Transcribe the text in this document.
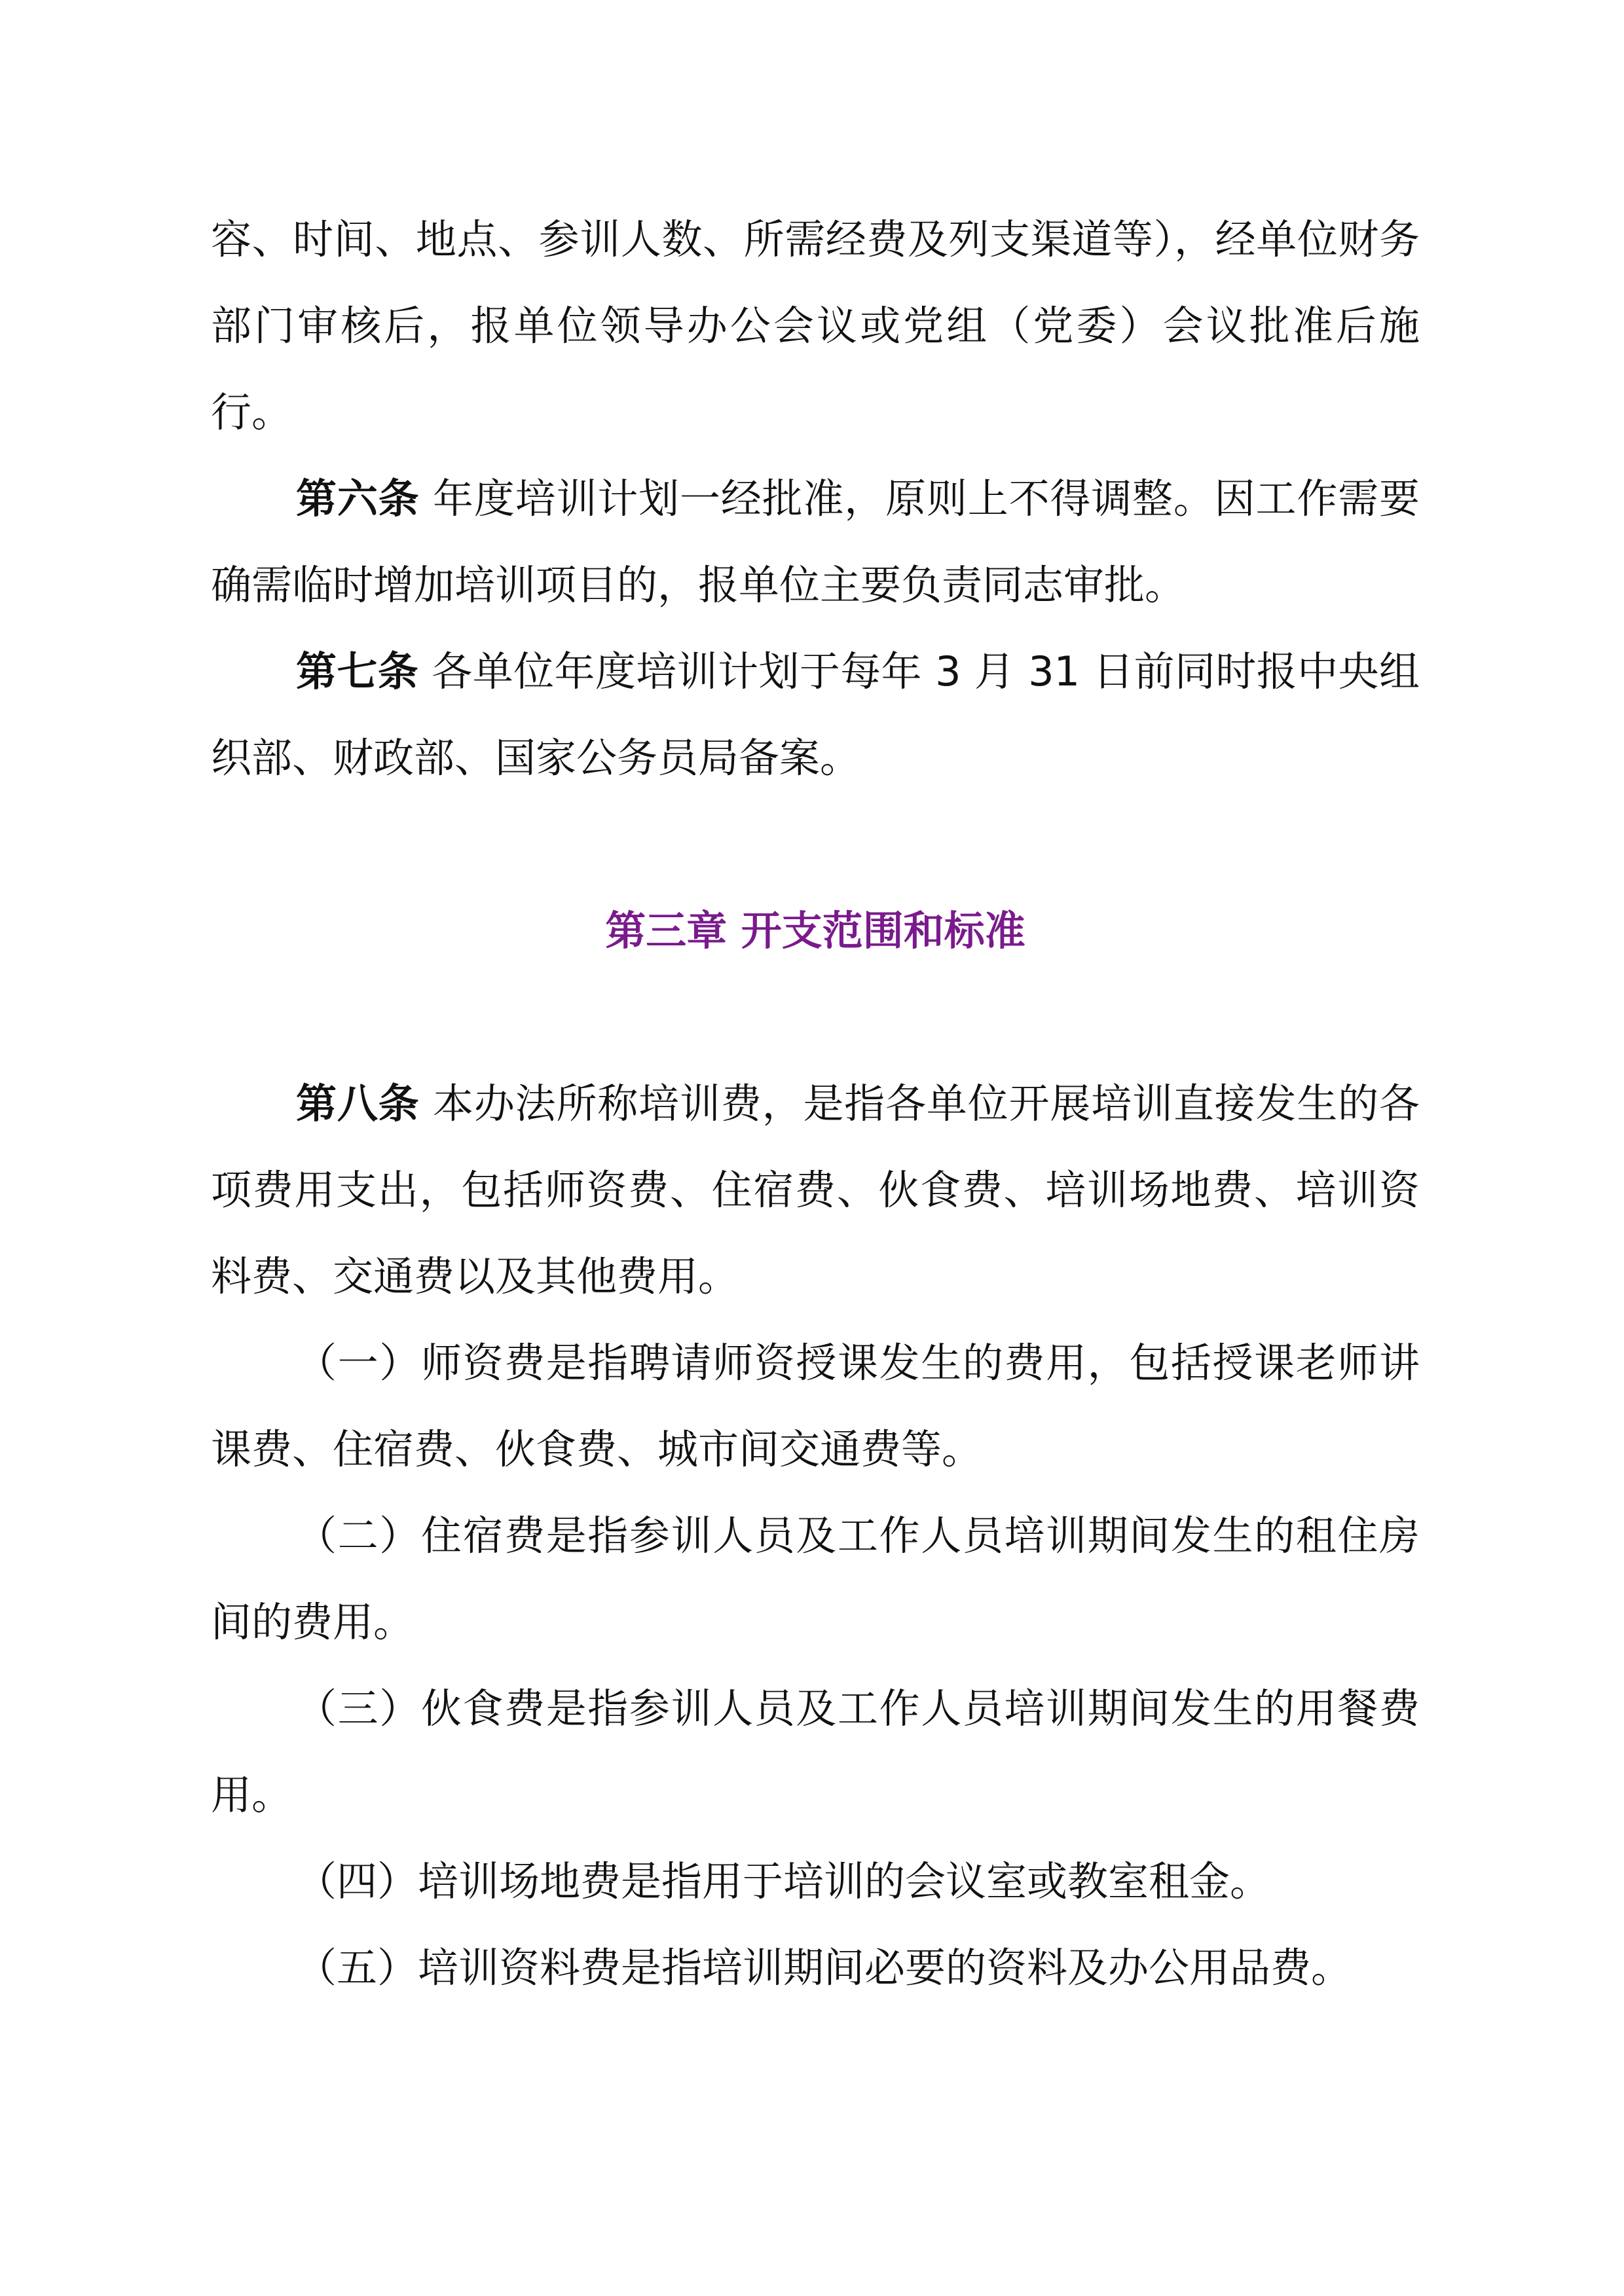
容、时间、地点、参训人数、所需经费及列支渠道等），经单位财务部门审核后，报单位领导办公会议或党组（党委）会议批准后施行。

第六条 年度培训计划一经批准，原则上不得调整。因工作需要确需临时增加培训项目的，报单位主要负责同志审批。

第七条 各单位年度培训计划于每年 3 月 31 日前同时报中央组织部、财政部、国家公务员局备案。

第三章 开支范围和标准

第八条 本办法所称培训费，是指各单位开展培训直接发生的各项费用支出，包括师资费、住宿费、伙食费、培训场地费、培训资料费、交通费以及其他费用。

（一）师资费是指聘请师资授课发生的费用，包括授课老师讲课费、住宿费、伙食费、城市间交通费等。

（二）住宿费是指参训人员及工作人员培训期间发生的租住房间的费用。

（三）伙食费是指参训人员及工作人员培训期间发生的用餐费用。

（四）培训场地费是指用于培训的会议室或教室租金。

（五）培训资料费是指培训期间必要的资料及办公用品费。
